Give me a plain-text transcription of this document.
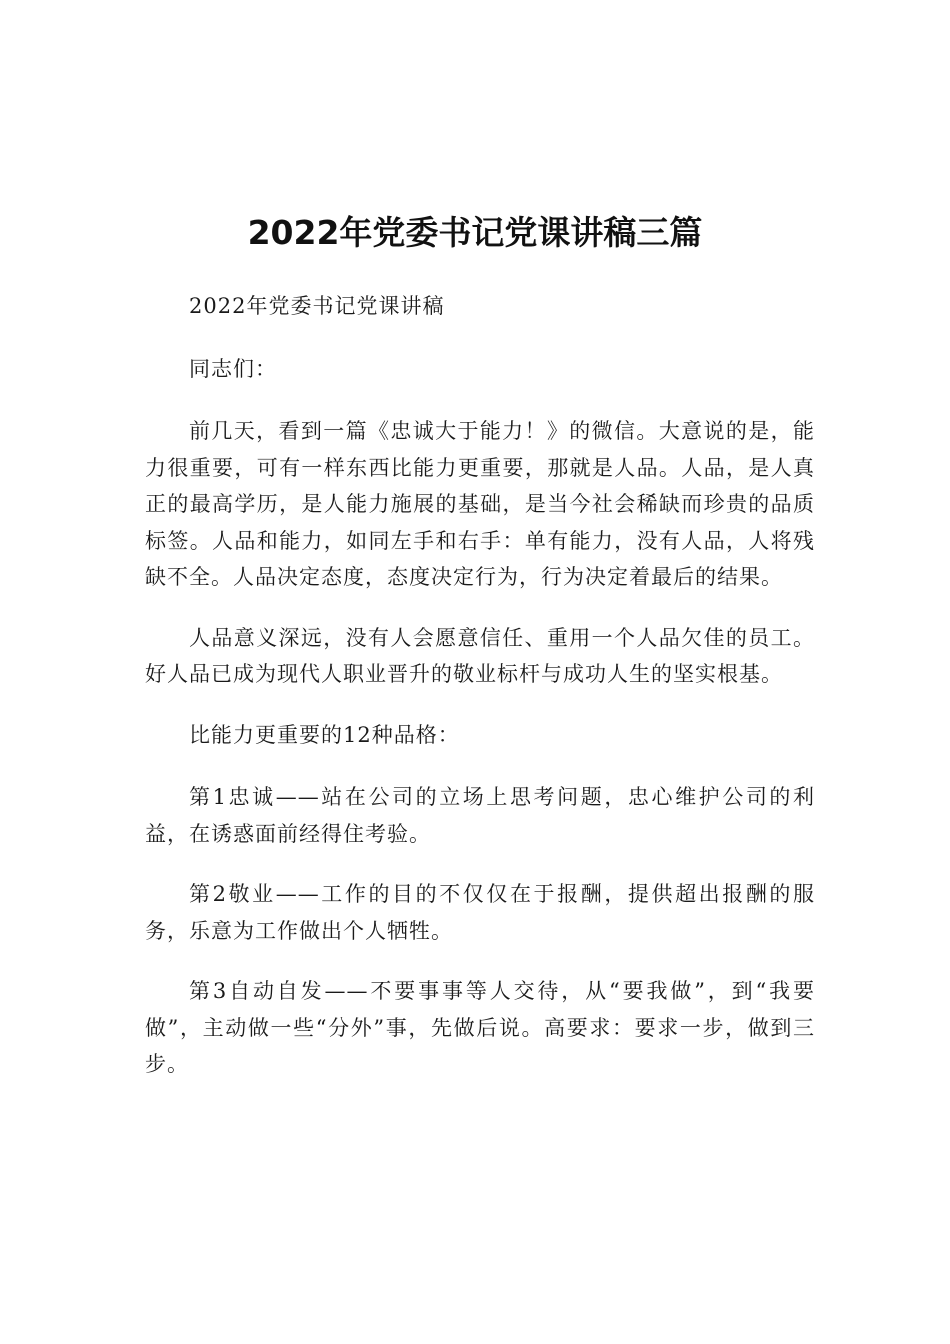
2022年党委书记党课讲稿三篇

2022年党委书记党课讲稿

同志们：

前几天，看到一篇《忠诚大于能力！》的微信。大意说的是，能力很重要，可有一样东西比能力更重要，那就是人品。人品，是人真正的最高学历，是人能力施展的基础，是当今社会稀缺而珍贵的品质标签。人品和能力，如同左手和右手：单有能力，没有人品，人将残缺不全。人品决定态度，态度决定行为，行为决定着最后的结果。

人品意义深远，没有人会愿意信任、重用一个人品欠佳的员工。好人品已成为现代人职业晋升的敬业标杆与成功人生的坚实根基。

比能力更重要的12种品格：

第1忠诚——站在公司的立场上思考问题，忠心维护公司的利益，在诱惑面前经得住考验。

第2敬业——工作的目的不仅仅在于报酬，提供超出报酬的服务，乐意为工作做出个人牺牲。

第3自动自发——不要事事等人交待，从“要我做”，到“我要做”，主动做一些“分外”事，先做后说。高要求：要求一步，做到三步。
